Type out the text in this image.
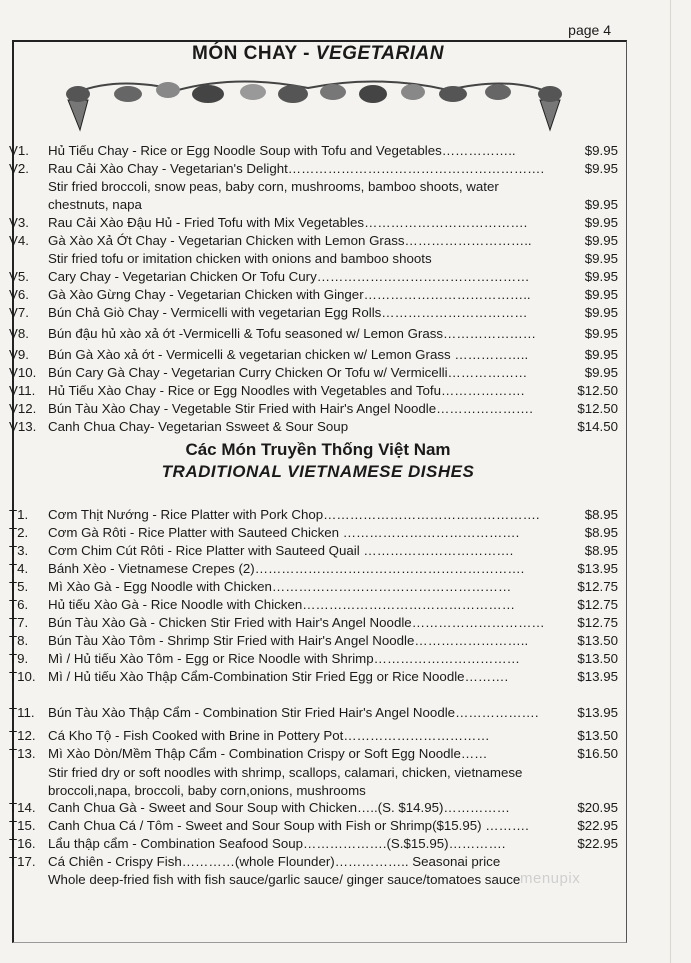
page 4
MÓN CHAY - VEGETARIAN
V1. Hủ Tiếu Chay - Rice or Egg Noodle Soup with Tofu and Vegetables……………..	$9.95
V2. Rau Cải Xào Chay - Vegetarian's Delight………………………………………………….	$9.95
Stir fried broccoli, snow peas, baby corn, mushrooms, bamboo shoots, water
chestnuts, napa	$9.95
V3. Rau Cải Xào Đậu Hủ - Fried Tofu with Mix Vegetables……………………………….	$9.95
V4. Gà Xào Xả Ớt Chay - Vegetarian Chicken with Lemon Grass………………………..	$9.95
Stir fried tofu or imitation chicken with onions and bamboo shoots	$9.95
V5. Cary Chay - Vegetarian Chicken Or Tofu Cury…………………………………………	$9.95
V6. Gà Xào Gừng Chay - Vegetarian Chicken with Ginger………………………………..	$9.95
V7. Bún Chả Giò Chay - Vermicelli with vegetarian Egg Rolls……………………………	$9.95
V8. Bún đậu hủ xào xả ớt -Vermicelli & Tofu seasoned w/ Lemon Grass…………………	$9.95
V9. Bún Gà Xào xả ớt - Vermicelli & vegetarian chicken w/ Lemon Grass ……………..	$9.95
V10. Bún Cary Gà Chay - Vegetarian Curry Chicken Or Tofu w/ Vermicelli………………	$9.95
V11. Hủ Tiếu Xào Chay - Rice or Egg Noodles with Vegetables and Tofu……………….	$12.50
V12. Bún Tàu Xào Chay - Vegetable Stir Fried with Hair's Angel Noodle………………….	$12.50
V13. Canh Chua Chay- Vegetarian Ssweet & Sour Soup	$14.50
Các Món Truyền Thống Việt Nam
TRADITIONAL VIETNAMESE DISHES
T1. Cơm Thịt Nướng - Rice Platter with Pork Chop………………………………………….	$8.95
T2. Cơm Gà Rôti - Rice Platter with Sauteed Chicken ………………………………….	$8.95
T3. Cơm Chim Cút Rôti - Rice Platter with Sauteed Quail …………………………….	$8.95
T4. Bánh Xèo - Vietnamese Crepes (2)…………………………………………………….	$13.95
T5. Mì Xào Gà - Egg Noodle with Chicken………………………………………………	$12.75
T6. Hủ tiếu Xào Gà - Rice Noodle with Chicken…………………………………………	$12.75
T7. Bún Tàu Xào Gà - Chicken Stir Fried with Hair's Angel Noodle………………………… $12.75
T8. Bún Tàu Xào Tôm - Shrimp Stir Fried with Hair's Angel Noodle……………………..	$13.50
T9. Mì / Hủ tiếu Xào Tôm - Egg or Rice Noodle with Shrimp……………………………	$13.50
T10. Mì / Hủ tiếu Xào Thập Cẩm-Combination Stir Fried Egg or Rice Noodle……….	$13.95
T11. Bún Tàu Xào Thập Cẩm - Combination Stir Fried Hair's Angel Noodle……………….	$13.95
T12. Cá Kho Tộ - Fish Cooked with Brine in Pottery Pot……………………………	$13.50
T13. Mì Xào Dòn/Mềm Thập Cẩm - Combination Crispy or Soft Egg Noodle……	$16.50
Stir fried dry or soft noodles with shrimp, scallops, calamari, chicken, vietnamese
broccoli,napa, broccoli, baby corn,onions, mushrooms
T14. Canh Chua Gà - Sweet and Sour Soup with Chicken…..(S. $14.95)……………	$20.95
T15. Canh Chua Cá / Tôm - Sweet and Sour Soup with Fish or Shrimp($15.95) ……….	$22.95
T16. Lẩu thập cẩm - Combination Seafood Soup……………….(S.$15.95)………….	$22.95
T17. Cá Chiên - Crispy Fish…………(whole Flounder)…………….. Seasonai price
Whole deep-fried fish with fish sauce/garlic sauce/ ginger sauce/tomatoes sauce menupix
